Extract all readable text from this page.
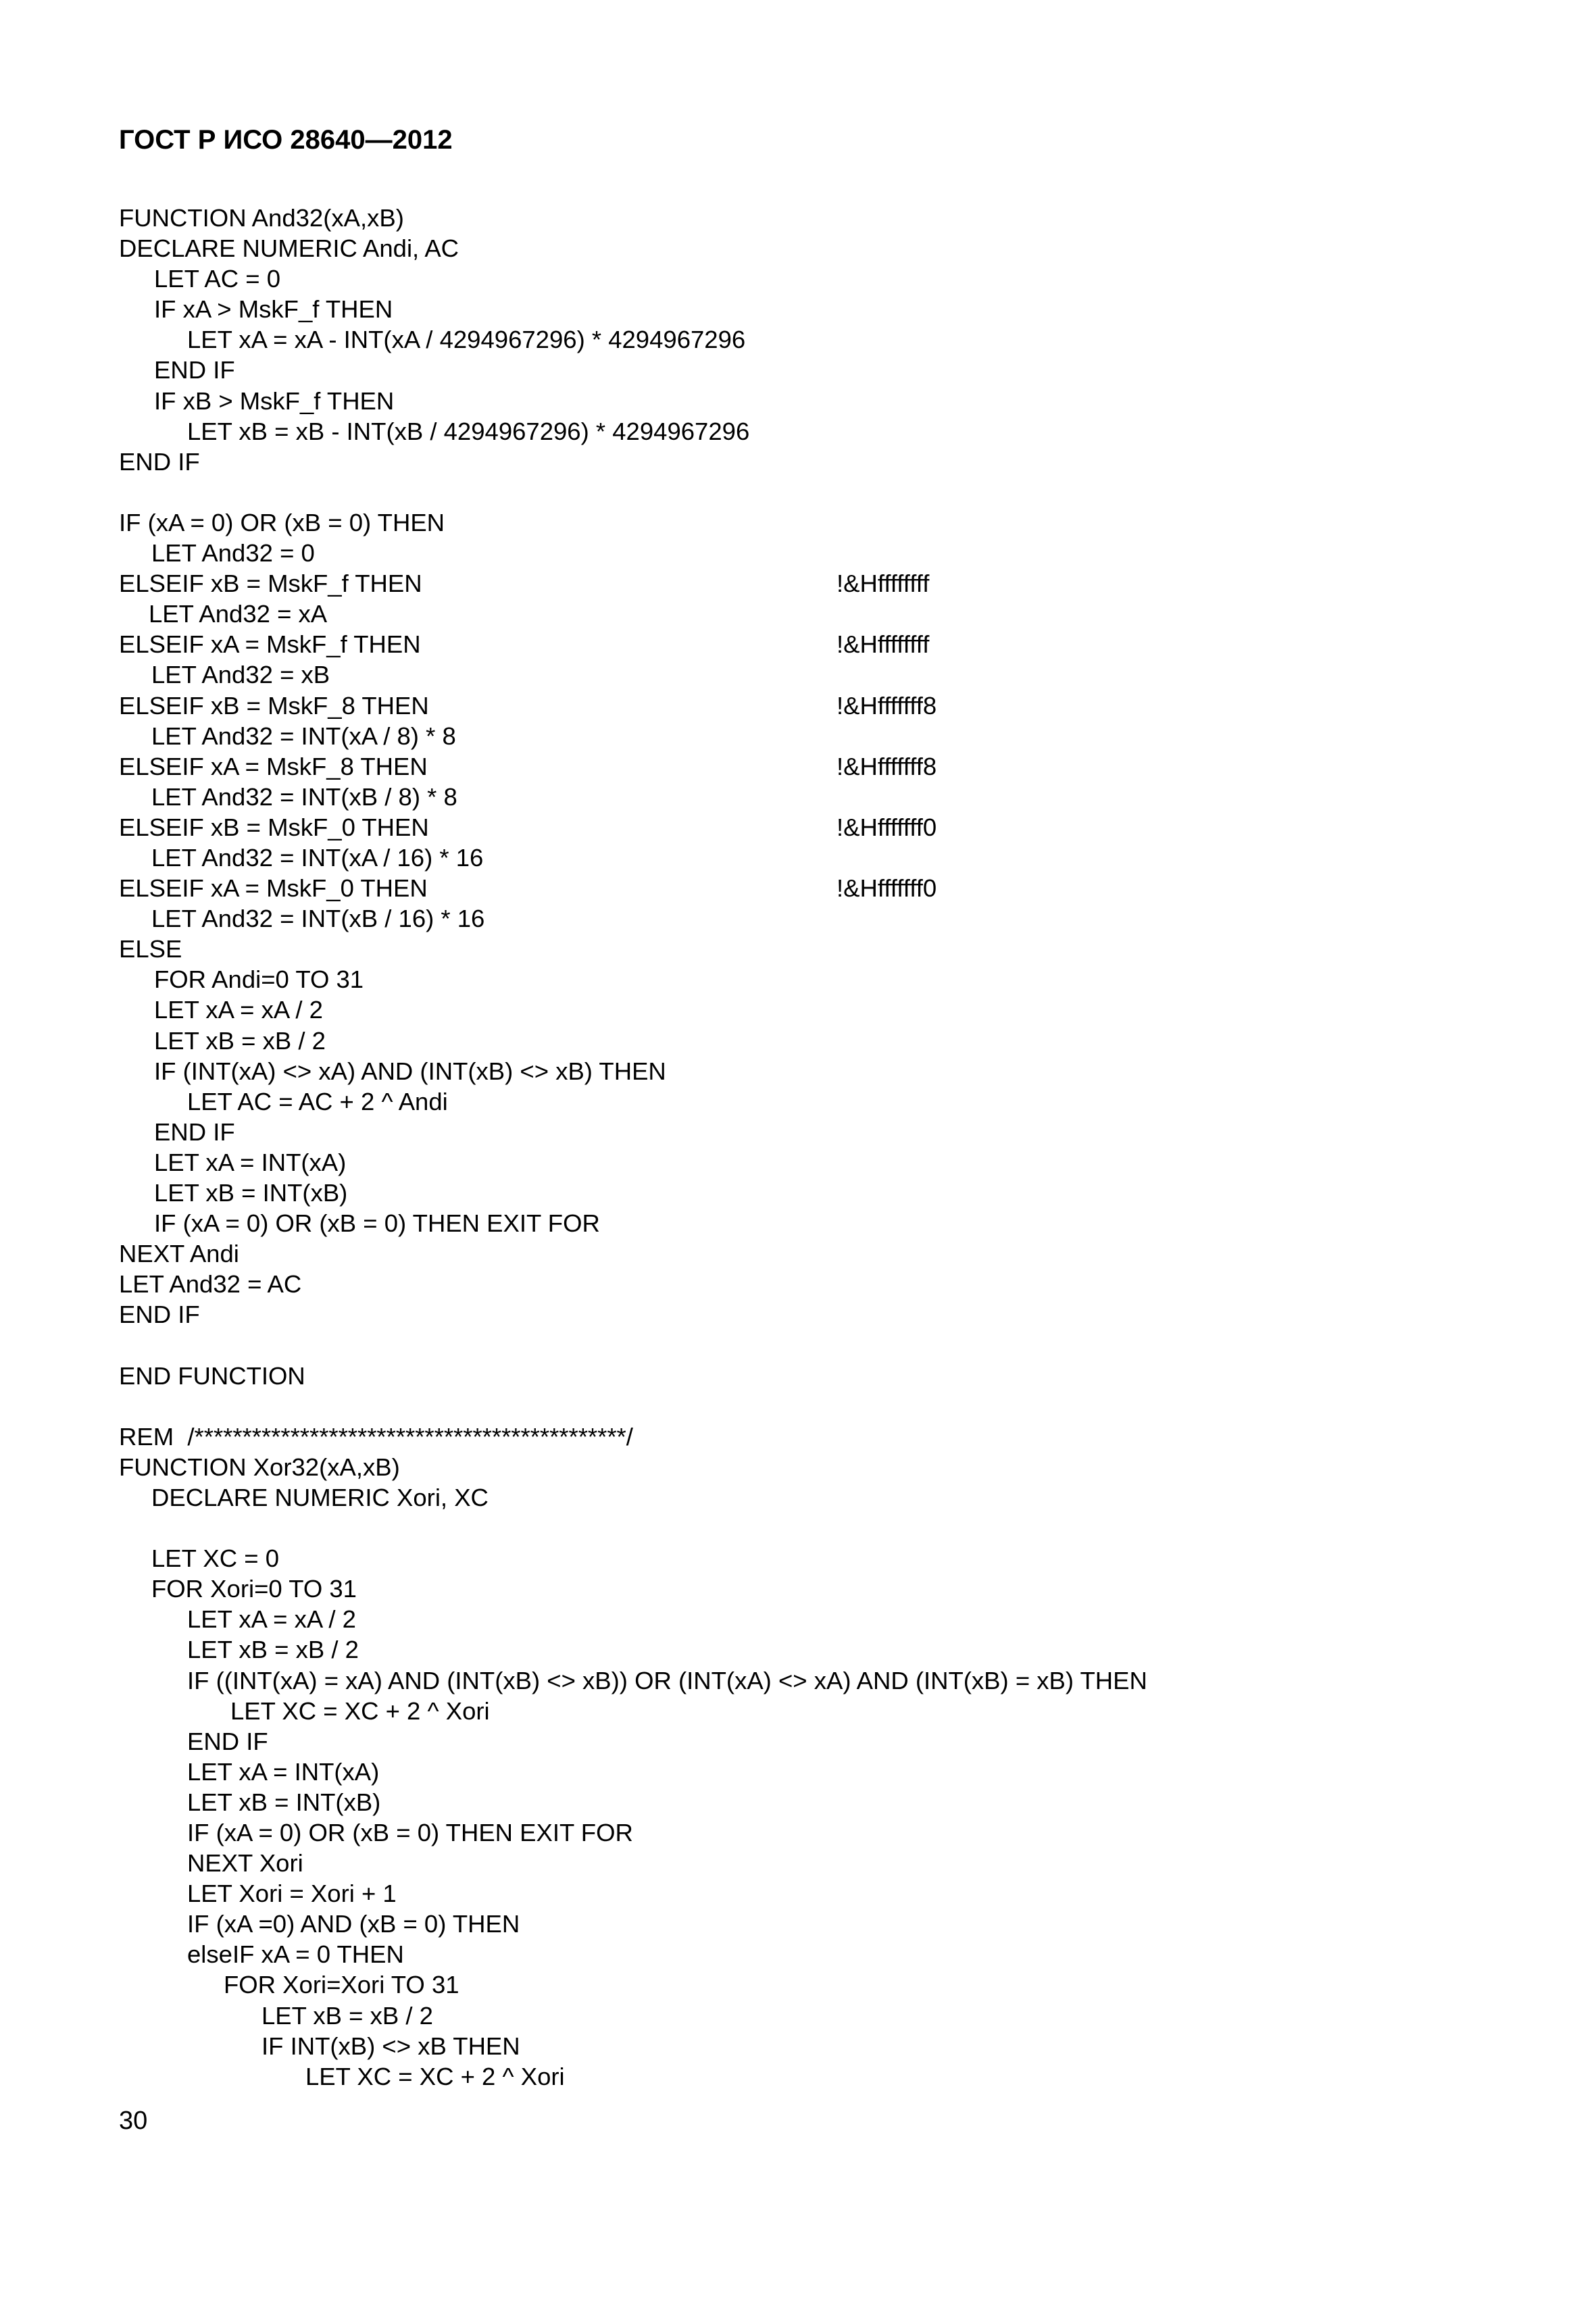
ГОСТ Р ИСО 28640—2012
FUNCTION And32(xA,xB)
DECLARE NUMERIC Andi, AC
LET AC = 0
IF xA > MskF_f THEN
LET xA = xA - INT(xA / 4294967296) * 4294967296
END IF
IF xB > MskF_f THEN
LET xB = xB - INT(xB / 4294967296) * 4294967296
END IF
IF (xA = 0) OR (xB = 0) THEN
LET And32 = 0
ELSEIF xB = MskF_f THEN	!&Hffffffff
LET And32 = xA
ELSEIF xA = MskF_f THEN	!&Hffffffff
LET And32 = xB
ELSEIF xB = MskF_8 THEN	!&Hfffffff8
LET And32 = INT(xA / 8) * 8
ELSEIF xA = MskF_8 THEN	!&Hfffffff8
LET And32 = INT(xB / 8) * 8
ELSEIF xB = MskF_0 THEN	!&Hfffffff0
LET And32 = INT(xA / 16) * 16
ELSEIF xA = MskF_0 THEN	!&Hfffffff0
LET And32 = INT(xB / 16) * 16
ELSE
FOR Andi=0 TO 31
LET xA = xA / 2
LET xB = xB / 2
IF (INT(xA) <> xA) AND (INT(xB) <> xB) THEN
LET AC = AC + 2 ^ Andi
END IF
LET xA = INT(xA)
LET xB = INT(xB)
IF (xA = 0) OR (xB = 0) THEN EXIT FOR
NEXT Andi
LET And32 = AC
END IF
END FUNCTION
REM  /*********************************************/
FUNCTION Xor32(xA,xB)
DECLARE NUMERIC Xori, XC
LET XC = 0
FOR Xori=0 TO 31
LET xA = xA / 2
LET xB = xB / 2
IF ((INT(xA) = xA) AND (INT(xB) <> xB)) OR (INT(xA) <> xA) AND (INT(xB) = xB) THEN
LET XC = XC + 2 ^ Xori
END IF
LET xA = INT(xA)
LET xB = INT(xB)
IF (xA = 0) OR (xB = 0) THEN EXIT FOR
NEXT Xori
LET Xori = Xori + 1
IF (xA =0) AND (xB = 0) THEN
elseIF xA = 0 THEN
FOR Xori=Xori TO 31
LET xB = xB / 2
IF INT(xB) <> xB THEN
LET XC = XC + 2 ^ Xori
30
